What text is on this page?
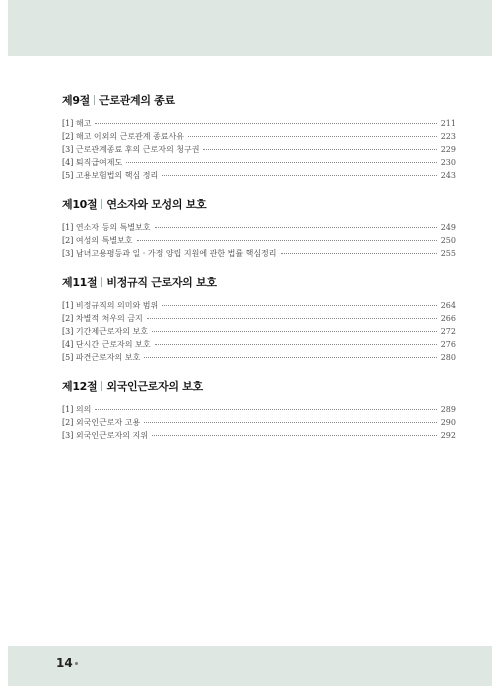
제9절 근로관계의 종료
[1] 해고	211
[2] 해고 이외의 근로관계 종료사유	223
[3] 근로관계종료 후의 근로자의 청구권	229
[4] 퇴직급여제도	230
[5] 고용보험법의 핵심 정리	243
제10절 연소자와 모성의 보호
[1] 연소자 등의 특별보호	249
[2] 여성의 특별보호	250
[3] 남녀고용평등과 일 · 가정 양립 지원에 관한 법률 핵심정리	255
제11절 비정규직 근로자의 보호
[1] 비정규직의 의미와 범위	264
[2] 차별적 처우의 금지	266
[3] 기간제근로자의 보호	272
[4] 단시간 근로자의 보호	276
[5] 파견근로자의 보호	280
제12절 외국인근로자의 보호
[1] 의의	289
[2] 외국인근로자 고용	290
[3] 외국인근로자의 지위	292
14
